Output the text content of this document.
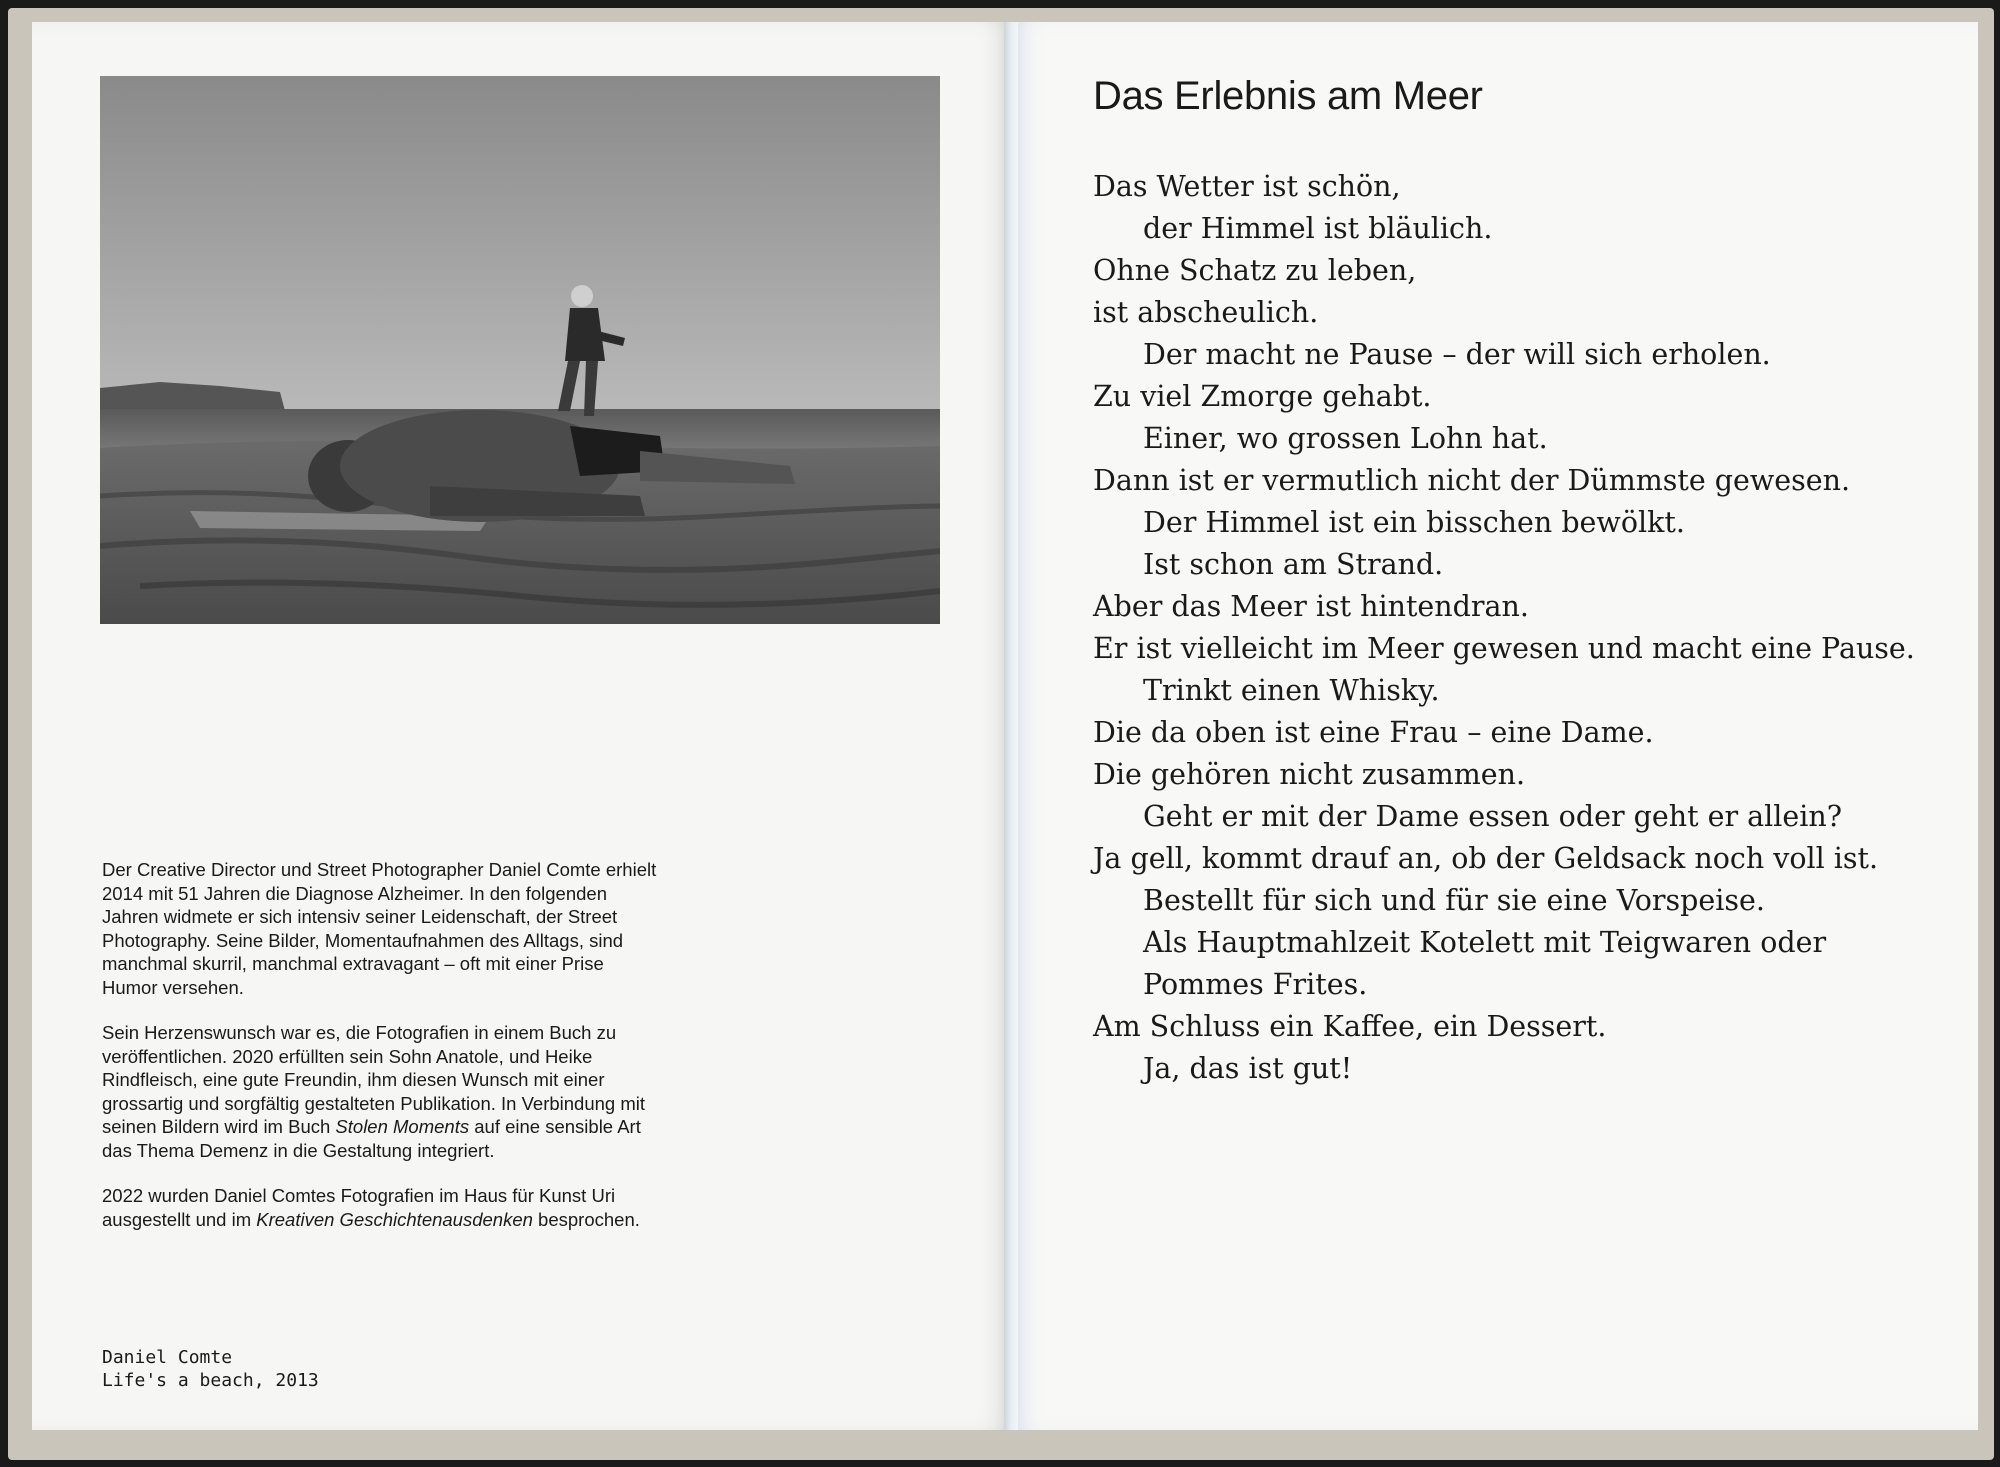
Der Creative Director und Street Photographer Daniel Comte erhielt 2014 mit 51 Jahren die Diagnose Alzheimer. In den folgenden Jahren widmete er sich intensiv seiner Leidenschaft, der Street Photography. Seine Bilder, Momentaufnahmen des Alltags, sind manchmal skurril, manchmal extravagant – oft mit einer Prise Humor versehen.

Sein Herzenswunsch war es, die Fotografien in einem Buch zu veröffentlichen. 2020 erfüllten sein Sohn Anatole, und Heike Rindfleisch, eine gute Freundin, ihm diesen Wunsch mit einer grossartig und sorgfältig gestalteten Publikation. In Verbindung mit seinen Bildern wird im Buch Stolen Moments auf eine sensible Art das Thema Demenz in die Gestaltung integriert.

2022 wurden Daniel Comtes Fotografien im Haus für Kunst Uri ausgestellt und im Kreativen Geschichtenausdenken besprochen.

Daniel Comte
Life's a beach, 2013
Das Erlebnis am Meer
Das Wetter ist schön,
der Himmel ist bläulich.
Ohne Schatz zu leben,
ist abscheulich.
Der macht ne Pause – der will sich erholen.
Zu viel Zmorge gehabt.
Einer, wo grossen Lohn hat.
Dann ist er vermutlich nicht der Dümmste gewesen.
Der Himmel ist ein bisschen bewölkt.
Ist schon am Strand.
Aber das Meer ist hintendran.
Er ist vielleicht im Meer gewesen und macht eine Pause.
Trinkt einen Whisky.
Die da oben ist eine Frau – eine Dame.
Die gehören nicht zusammen.
Geht er mit der Dame essen oder geht er allein?
Ja gell, kommt drauf an, ob der Geldsack noch voll ist.
Bestellt für sich und für sie eine Vorspeise.
Als Hauptmahlzeit Kotelett mit Teigwaren oder
Pommes Frites.
Am Schluss ein Kaffee, ein Dessert.
Ja, das ist gut!
